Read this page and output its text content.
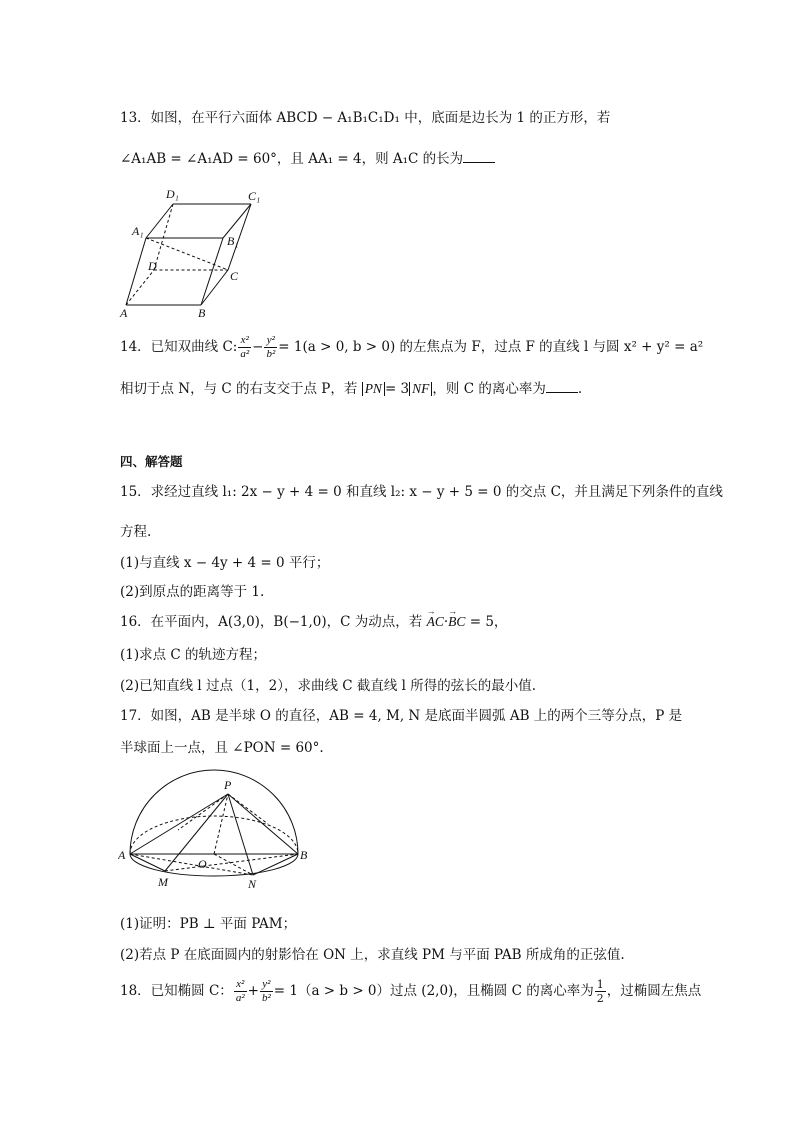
13．如图，在平行六面体 ABCD − A₁B₁C₁D₁ 中，底面是边长为 1 的正方形，若
∠A₁AB = ∠A₁AD = 60°，且 AA₁ = 4，则 A₁C 的长为
D₁	C₁
A₁
B₁
D
C
A	B
14．已知双曲线 C: $\frac{\text{x²}}{\text{a²}} - \frac{\text{y²}}{\text{b²}} = 1(a > 0$, b > 0) 的左焦点为 F，过点 F 的直线 l 与圆 x² + y² = a²
相切于点 N，与 C 的右支交于点 P，若 PN = 3 NF ，则 C 的离心率为 .
四、解答题
15．求经过直线 l₁: 2x − y + 4 = 0 和直线 l₂: x − y + 5 = 0 的交点 C，并且满足下列条件的直线
方程.
(1)与直线 x − 4y + 4 = 0 平行；
(2)到原点的距离等于 1.
16．在平面内，A(3,0)，B(−1,0)，C 为动点，若 → AC·→ BC = 5，
(1)求点 C 的轨迹方程；
(2)已知直线 l 过点（1，2），求曲线 C 截直线 l 所得的弦长的最小值.
17．如图，AB 是半球 O 的直径，AB = 4, M, N 是底面半圆弧 AB 上的两个三等分点，P 是
半球面上一点，且 ∠PON = 60°.
P
A	B
O
M	N
(1)证明：PB ⊥ 平面 PAM；
(2)若点 P 在底面圆内的射影恰在 ON 上，求直线 PM 与平面 PAB 所成角的正弦值.
18．已知椭圆 C： $\frac{\text{x²}}{\text{a²}} + \frac{\text{y²}}{\text{b²}} = 1(a > b > 0)$过点 (2,0)，且椭圆 C 的离心率为 $\frac{1}{2}$ ，过椭圆左焦点
